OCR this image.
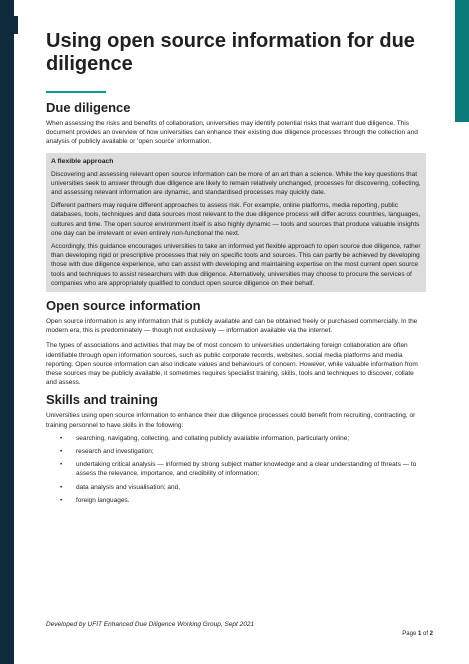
Using open source information for due diligence
Due diligence

When assessing the risks and benefits of collaboration, universities may identify potential risks that warrant due diligence. This document provides an overview of how universities can enhance their existing due diligence processes through the collection and analysis of publicly available or ‘open source’ information.

A flexible approach

Discovering and assessing relevant open source information can be more of an art than a science. While the key questions that universities seek to answer through due diligence are likely to remain relatively unchanged, processes for discovering, collecting, and assessing relevant information are dynamic, and standardised processes may quickly date.

Different partners may require different approaches to assess risk. For example, online platforms, media reporting, public databases, tools, techniques and data sources most relevant to the due diligence process will differ across countries, languages, cultures and time. The open source environment itself is also highly dynamic — tools and sources that produce valuable insights one day can be irrelevant or even entirely non-functional the next.

Accordingly, this guidance encourages universities to take an informed yet flexible approach to open source due diligence, rather than developing rigid or prescriptive processes that rely on specific tools and sources. This can partly be achieved by developing those with due diligence experience, who can assist with developing and maintaining expertise on the most current open source tools and techniques to assist researchers with due diligence. Alternatively, universities may choose to procure the services of companies who are appropriately qualified to conduct open source diligence on their behalf.

Open source information

Open source information is any information that is publicly available and can be obtained freely or purchased commercially. In the modern era, this is predominately — though not exclusively — information available via the internet.

The types of associations and activities that may be of most concern to universities undertaking foreign collaboration are often identifiable through open information sources, such as public corporate records, websites, social media platforms and media reporting. Open source information can also indicate values and behaviours of concern. However, while valuable information from these sources may be publicly available, it sometimes requires specialist training, skills, tools and techniques to discover, collate and assess.

Skills and training

Universities using open source information to enhance their due diligence processes could benefit from recruiting, contracting, or training personnel to have skills in the following:

• searching, navigating, collecting, and collating publicly available information, particularly online;
• research and investigation;
• undertaking critical analysis — informed by strong subject matter knowledge and a clear understanding of threats — to assess the relevance, importance, and credibility of information;
• data analysis and visualisation; and,
• foreign languages.
Developed by UFIT Enhanced Due Diligence Working Group, Sept 2021
Page 1 of 2
